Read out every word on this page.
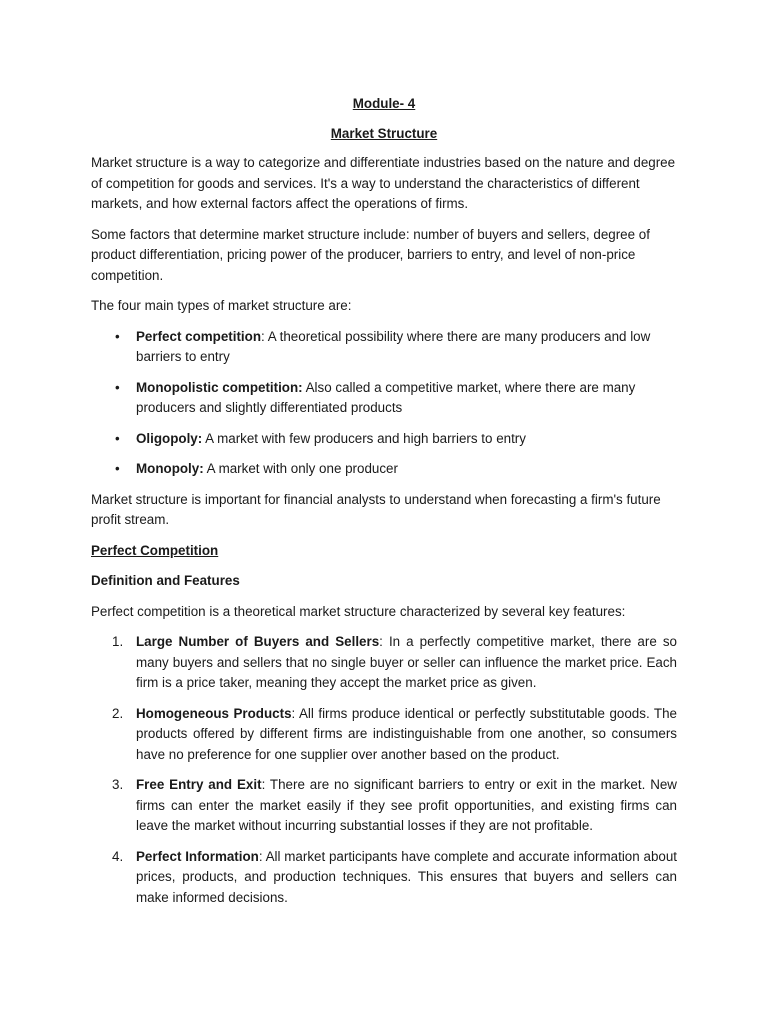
Module- 4

Market Structure

Market structure is a way to categorize and differentiate industries based on the nature and degree of competition for goods and services. It's a way to understand the characteristics of different markets, and how external factors affect the operations of firms.

Some factors that determine market structure include: number of buyers and sellers, degree of product differentiation, pricing power of the producer, barriers to entry, and level of non-price competition.

The four main types of market structure are:

• Perfect competition: A theoretical possibility where there are many producers and low barriers to entry
• Monopolistic competition: Also called a competitive market, where there are many producers and slightly differentiated products
• Oligopoly: A market with few producers and high barriers to entry
• Monopoly: A market with only one producer

Market structure is important for financial analysts to understand when forecasting a firm's future profit stream.

Perfect Competition

Definition and Features

Perfect competition is a theoretical market structure characterized by several key features:

1. Large Number of Buyers and Sellers: In a perfectly competitive market, there are so many buyers and sellers that no single buyer or seller can influence the market price. Each firm is a price taker, meaning they accept the market price as given.
2. Homogeneous Products: All firms produce identical or perfectly substitutable goods. The products offered by different firms are indistinguishable from one another, so consumers have no preference for one supplier over another based on the product.
3. Free Entry and Exit: There are no significant barriers to entry or exit in the market. New firms can enter the market easily if they see profit opportunities, and existing firms can leave the market without incurring substantial losses if they are not profitable.
4. Perfect Information: All market participants have complete and accurate information about prices, products, and production techniques. This ensures that buyers and sellers can make informed decisions.
